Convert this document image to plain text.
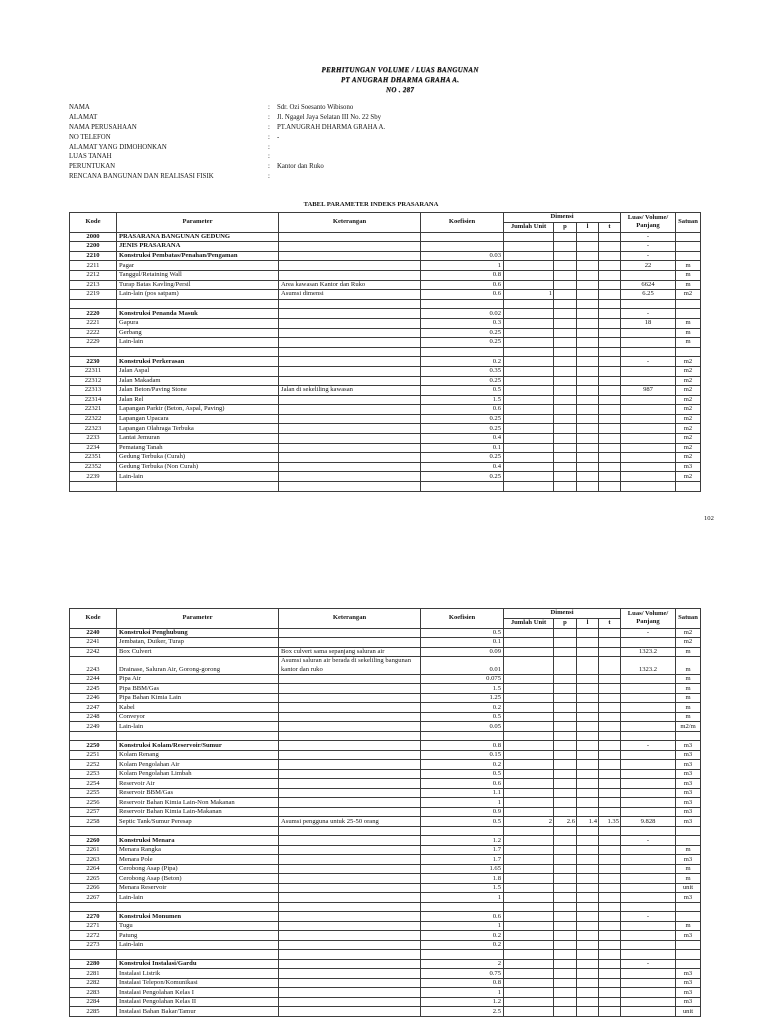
PERHITUNGAN VOLUME / LUAS BANGUNAN
PT ANUGRAH DHARMA GRAHA A.
NO . 287
NAMA	: Sdr. Ozi Soesanto Wibisono
ALAMAT	: Jl. Ngagel Jaya Selatan III No. 22 Sby
NAMA PERUSAHAAN	: PT.ANUGRAH DHARMA GRAHA A.
NO TELEFON	: -
ALAMAT YANG DIMOHONKAN	:
LUAS TANAH	:
PERUNTUKAN	: Kantor dan Ruko
RENCANA BANGUNAN DAN REALISASI FISIK	:
TABEL PARAMETER INDEKS PRASARANA
Kode	Parameter	Keterangan	Koefisien	Dimensi				Luas/ Volume/
Panjang	Satuan
				Jumlah Unit	p	l	t		
2000	PRASARANA BANGUNAN GEDUNG							-	
2200	JENIS PRASARANA							-	
2210	Konstruksi Pembatas/Penahan/Pengaman		0.03					-	
2211	Pagar		1					22	m
2212	Tanggul/Retaining Wall		0.8						m
2213	Turap Batas Kavling/Persil	Area kawasan Kantor dan Ruko	0.6					6624	m
2219	Lain-lain (pos satpam)	Asumsi dimensi	0.6	1				6.25	m2

2220	Konstruksi Penanda Masuk		0.02					-	
2221	Gapura		0.3					18	m
2222	Gerbang		0.25						m
2229	Lain-lain		0.25						m

2230	Konstruksi Perkerasan		0.2					-	m2
22311	Jalan Aspal		0.35						m2
22312	Jalan Makadam		0.25						m2
22313	Jalan Beton/Paving Stone	Jalan di sekeliling kawasan	0.5					987	m2
22314	Jalan Rel		1.5						m2
22321	Lapangan Parkir (Beton, Aspal, Paving)		0.6						m2
22322	Lapangan Upacara		0.25						m2
22323	Lapangan Olahraga Terbuka		0.25						m2
2233	Lantai Jemuran		0.4						m2
2234	Pematang Tanah		0.1						m2
22351	Gedung Terbuka (Curah)		0.25						m2
22352	Gedung Terbuka (Non Curah)		0.4						m3
2239	Lain-lain		0.25						m2

102
Kode	Parameter	Keterangan	Koefisien	Dimensi				Luas/ Volume/
Panjang	Satuan
				Jumlah Unit	p	l	t		
2240	Konstruksi Penghubung		0.5					-	m2
2241	Jembatan, Duiker, Turap		0.1						m2
2242	Box Culvert	Box culvert sama sepanjang saluran air	0.09					1323.2	m
2243	Drainase, Saluran Air, Gorong-gorong	Asumsi saluran air berada di sekeliling bangunan kantor dan ruko	0.01					1323.2	m
2244	Pipa Air		0.075						m
2245	Pipa BBM/Gas		1.5						m
2246	Pipa Bahan Kimia Lain		1.25						m
2247	Kabel		0.2						m
2248	Conveyor		0.5						m
2249	Lain-lain		0.05						m2/m

2250	Konstruksi Kolam/Reservoir/Sumur		0.8					-	m3
2251	Kolam Renang		0.15						m3
2252	Kolam Pengolahan Air		0.2						m3
2253	Kolam Pengolahan Limbah		0.5						m3
2254	Reservoir Air		0.6						m3
2255	Reservoir BBM/Gas		1.1						m3
2256	Reservoir Bahan Kimia Lain-Non Makanan		1						m3
2257	Reservoir Bahan Kimia Lain-Makanan		0.9						m3
2258	Septic Tank/Sumur Peresap	Asumsi pengguna untuk 25-50 orang	0.5	2	2.6	1.4	1.35	9.828	m3

2260	Konstruksi Menara		1.2					-	
2261	Menara Rangka		1.7						m
2263	Menara Pole		1.7						m3
2264	Cerobong Asap (Pipa)		1.65						m
2265	Cerobong Asap (Beton)		1.8						m
2266	Menara Reservoir		1.5						unit
2267	Lain-lain		1						m3

2270	Konstruksi Monumen		0.6					-	
2271	Tugu		1						m
2272	Patung		0.2						m3
2273	Lain-lain		0.2						

2280	Konstruksi Instalasi/Gardu		2					-	
2281	Instalasi Listrik		0.75						m3
2282	Instalasi Telepon/Komunikasi		0.8						m3
2283	Instalasi Pengolahan Kelas I		1						m3
2284	Instalasi Pengolahan Kelas II		1.2						m3
2285	Instalasi Bahan Bakar/Tamur		2.5						unit
